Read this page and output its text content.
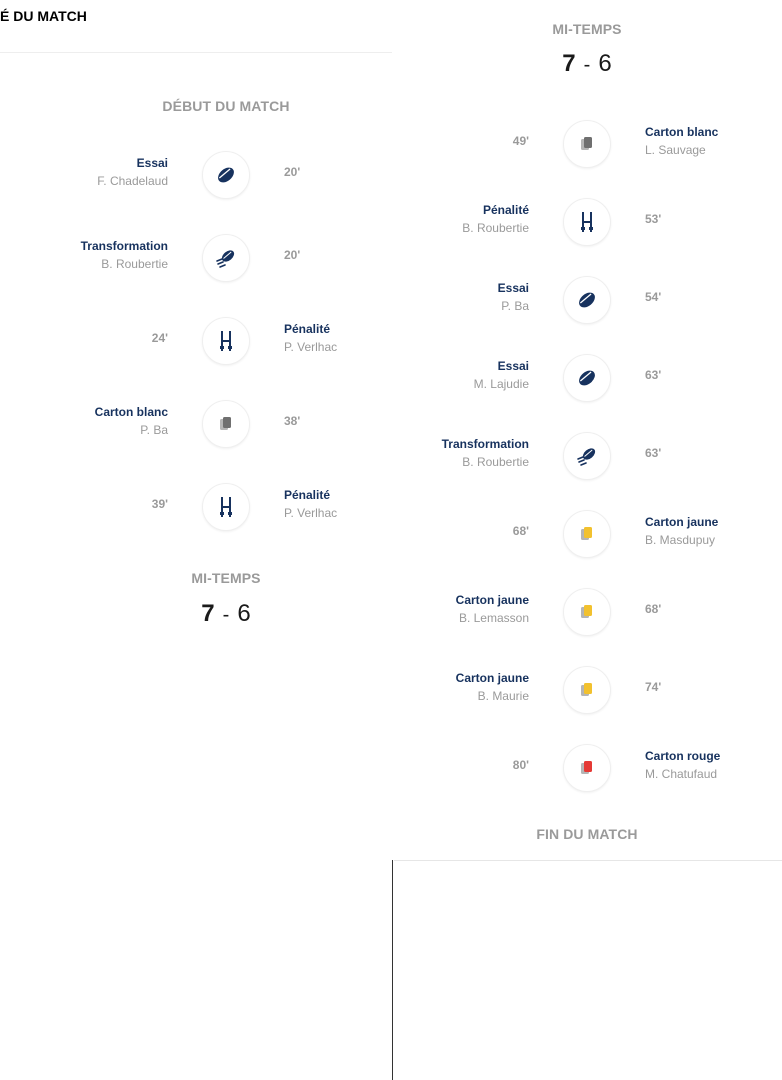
É DU MATCH
DÉBUT DU MATCH
Essai
F. Chadelaud
20'
Transformation
B. Roubertie
20'
Pénalité
P. Verlhac
24'
Carton blanc
P. Ba
38'
Pénalité
P. Verlhac
39'
MI-TEMPS
7 - 6
MI-TEMPS
7 - 6
Carton blanc
L. Sauvage
49'
Pénalité
B. Roubertie
53'
Essai
P. Ba
54'
Essai
M. Lajudie
63'
Transformation
B. Roubertie
63'
Carton jaune
B. Masdupuy
68'
Carton jaune
B. Lemasson
68'
Carton jaune
B. Maurie
74'
Carton rouge
M. Chatufaud
80'
FIN DU MATCH
